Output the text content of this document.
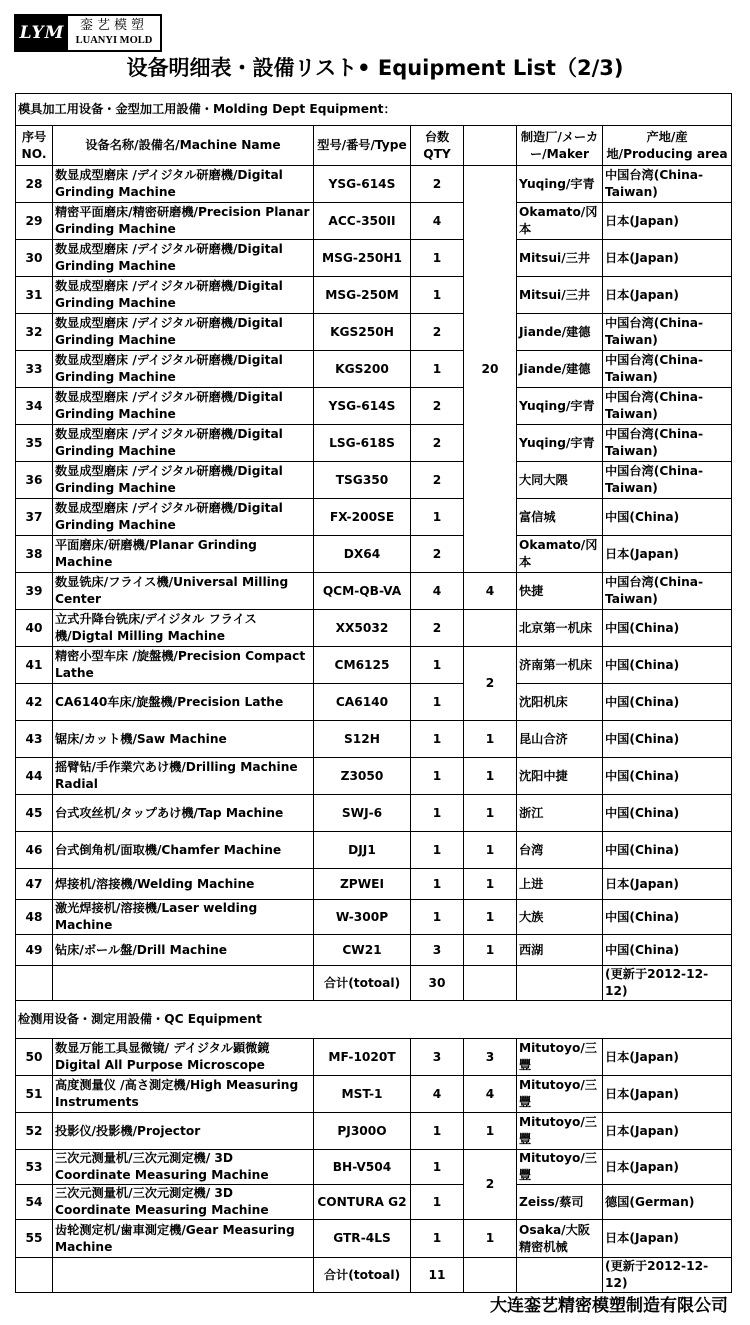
LYM 銮艺模塑
LUANYI MOLD
设备明细表・設備リスト• Equipment List（2/3)
模具加工用设备・金型加工用設備・Molding Dept Equipment：						
序号NO.	设备名称/設備名/Machine Name	型号/番号/Type	台数QTY		制造厂/メーカー/Maker	产地/産地/Producing area
28	数显成型磨床 /デイジタル研磨機/Digital Grinding Machine	YSG-614S	2	20	Yuqing/宇青	中国台湾(China-Taiwan)
29	精密平面磨床/精密研磨機/Precision Planar Grinding Machine	ACC-350II	4		Okamato/冈本	日本(Japan)
30	数显成型磨床 /デイジタル研磨機/Digital Grinding Machine	MSG-250H1	1		Mitsui/三井	日本(Japan)
31	数显成型磨床 /デイジタル研磨機/Digital Grinding Machine	MSG-250M	1		Mitsui/三井	日本(Japan)
32	数显成型磨床 /デイジタル研磨機/Digital Grinding Machine	KGS250H	2		Jiande/建德	中国台湾(China-Taiwan)
33	数显成型磨床 /デイジタル研磨機/Digital Grinding Machine	KGS200	1		Jiande/建德	中国台湾(China-Taiwan)
34	数显成型磨床 /デイジタル研磨機/Digital Grinding Machine	YSG-614S	2		Yuqing/宇青	中国台湾(China-Taiwan)
35	数显成型磨床 /デイジタル研磨機/Digital Grinding Machine	LSG-618S	2		Yuqing/宇青	中国台湾(China-Taiwan)
36	数显成型磨床 /デイジタル研磨機/Digital Grinding Machine	TSG350	2		大同大隈	中国台湾(China-Taiwan)
37	数显成型磨床 /デイジタル研磨機/Digital Grinding Machine	FX-200SE	1		富信城	中国(China)
38	平面磨床/研磨機/Planar Grinding Machine	DX64	2		Okamato/冈本	日本(Japan)
39	数显铣床/フライス機/Universal Milling Center	QCM-QB-VA	4	4	快捷	中国台湾(China-Taiwan)
40	立式升降台铣床/デイジタル フライス機/Digtal Milling Machine	XX5032	2		北京第一机床	中国(China)
41	精密小型车床 /旋盤機/Precision Compact Lathe	CM6125	1	2	济南第一机床	中国(China)
42	CA6140车床/旋盤機/Precision Lathe	CA6140	1		沈阳机床	中国(China)
43	锯床/カット機/Saw Machine	S12H	1	1	昆山合济	中国(China)
44	摇臂钻/手作業穴あけ機/Drilling Machine Radial	Z3050	1	1	沈阳中捷	中国(China)
45	台式攻丝机/タップあけ機/Tap Machine	SWJ-6	1	1	浙江	中国(China)
46	台式倒角机/面取機/Chamfer Machine	DJJ1	1	1	台湾	中国(China)
47	焊接机/溶接機/Welding Machine	ZPWEI	1	1	上进	日本(Japan)
48	激光焊接机/溶接機/Laser welding Machine	W-300P	1	1	大族	中国(China)
49	钻床/ボール盤/Drill Machine	CW21	3	1	西湖	中国(China)
		合计(totoal)	30			(更新于2012-12-12)
检测用设备・測定用設備・QC Equipment						
50	数显万能工具显微镜/ デイジタル顕微鏡 Digital All Purpose Microscope	MF-1020T	3	3	Mitutoyo/三豐	日本(Japan)
51	高度测量仪 /高さ測定機/High Measuring Instruments	MST-1	4	4	Mitutoyo/三豐	日本(Japan)
52	投影仪/投影機/Projector	PJ300O	1	1	Mitutoyo/三豐	日本(Japan)
53	三次元测量机/三次元測定機/ 3D Coordinate Measuring Machine	BH-V504	1	2	Mitutoyo/三豐	日本(Japan)
54	三次元测量机/三次元測定機/ 3D Coordinate Measuring Machine	CONTURA G2	1		Zeiss/蔡司	德国(German)
55	齿轮测定机/歯車測定機/Gear Measuring Machine	GTR-4LS	1	1	Osaka/大阪精密机械	日本(Japan)
		合计(totoal)	11			(更新于2012-12-12)
大连銮艺精密模塑制造有限公司
